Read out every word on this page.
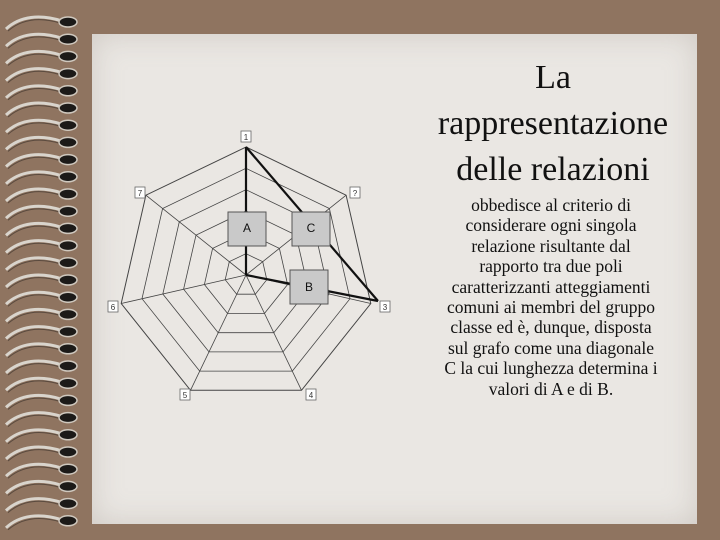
1
?
3
4
5
6
7
A	C
B
La
rappresentazione
delle relazioni
obbedisce al criterio di
considerare ogni singola
relazione risultante dal
rapporto tra due poli
caratterizzanti atteggiamenti
comuni ai membri del gruppo
classe ed è, dunque, disposta
sul grafo come una diagonale
C la cui lunghezza determina i
valori di A e di B.
